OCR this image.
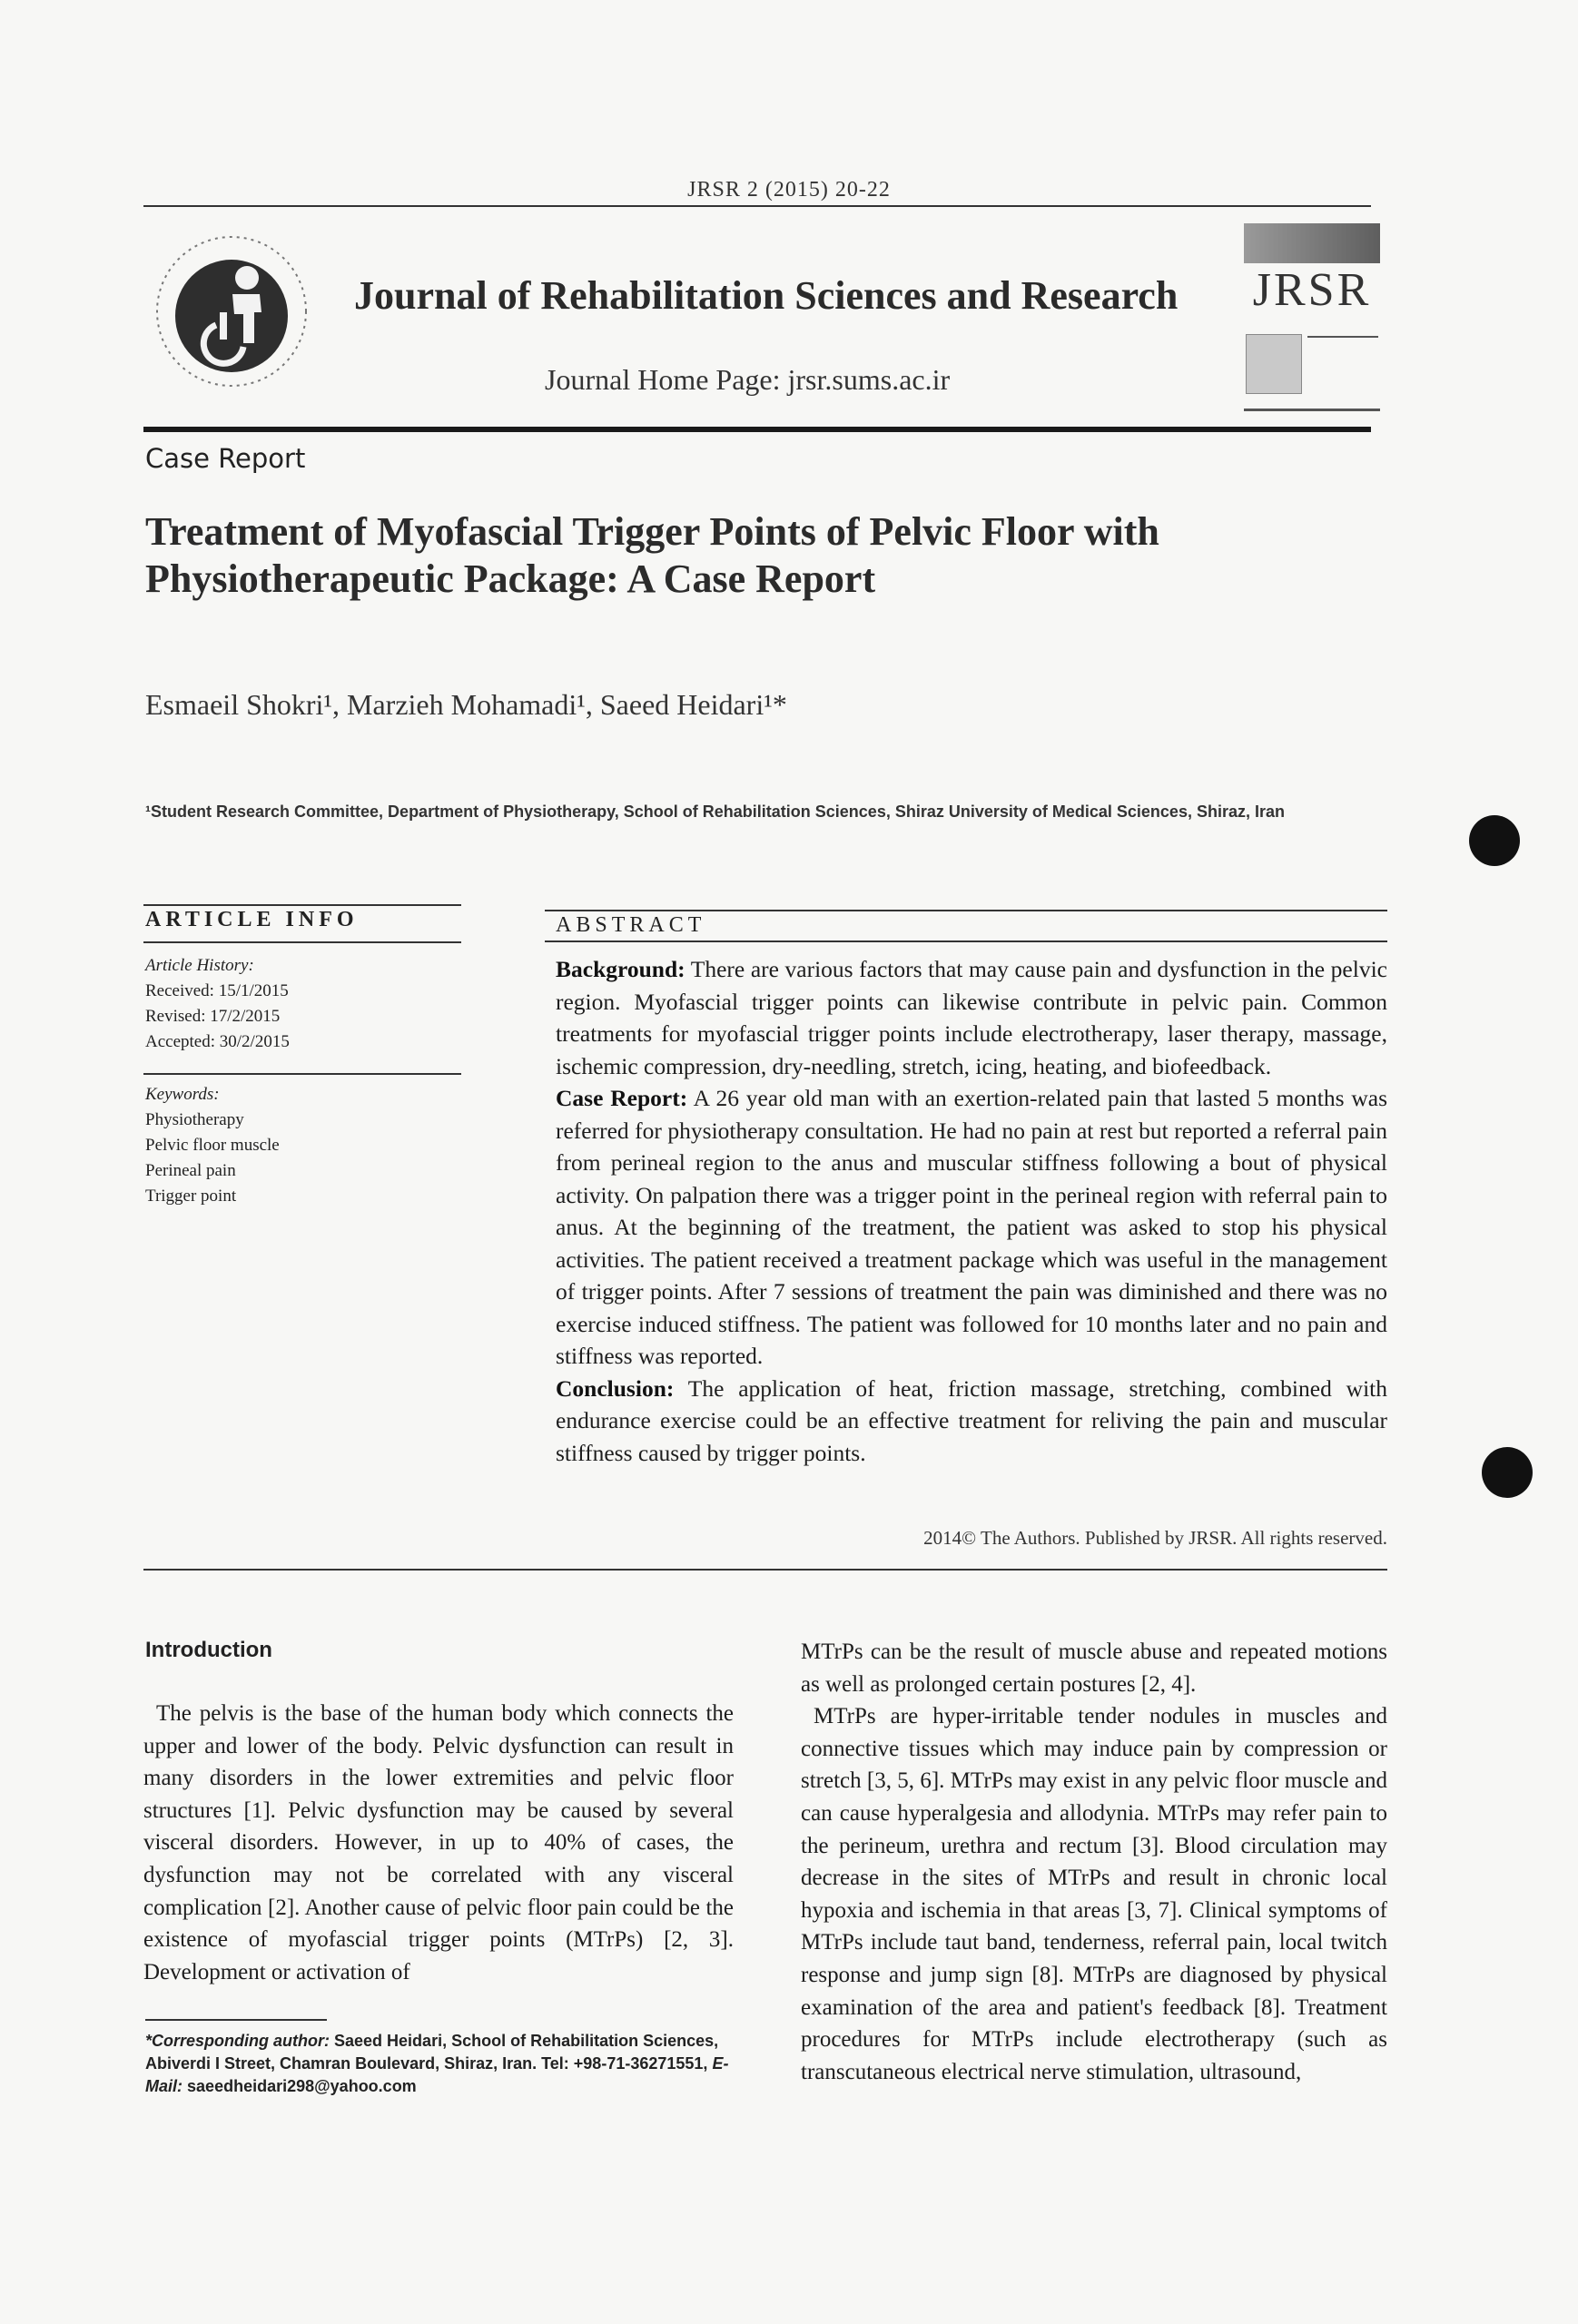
JRSR 2 (2015) 20-22
Journal of Rehabilitation Sciences and Research
Journal Home Page: jrsr.sums.ac.ir
JRSR
Case Report
Treatment of Myofascial Trigger Points of Pelvic Floor with Physiotherapeutic Package: A Case Report
Esmaeil Shokri¹, Marzieh Mohamadi¹, Saeed Heidari¹*
¹Student Research Committee, Department of Physiotherapy, School of Rehabilitation Sciences, Shiraz University of Medical Sciences, Shiraz, Iran
ARTICLE INFO
Article History:
Received: 15/1/2015
Revised: 17/2/2015
Accepted: 30/2/2015
Keywords:
Physiotherapy
Pelvic floor muscle
Perineal pain
Trigger point
ABSTRACT

Background: There are various factors that may cause pain and dysfunction in the pelvic region. Myofascial trigger points can likewise contribute in pelvic pain. Common treatments for myofascial trigger points include electrotherapy, laser therapy, massage, ischemic compression, dry-needling, stretch, icing, heating, and biofeedback.

Case Report: A 26 year old man with an exertion-related pain that lasted 5 months was referred for physiotherapy consultation. He had no pain at rest but reported a referral pain from perineal region to the anus and muscular stiffness following a bout of physical activity. On palpation there was a trigger point in the perineal region with referral pain to anus. At the beginning of the treatment, the patient was asked to stop his physical activities. The patient received a treatment package which was useful in the management of trigger points. After 7 sessions of treatment the pain was diminished and there was no exercise induced stiffness. The patient was followed for 10 months later and no pain and stiffness was reported.

Conclusion: The application of heat, friction massage, stretching, combined with endurance exercise could be an effective treatment for reliving the pain and muscular stiffness caused by trigger points.

2014© The Authors. Published by JRSR. All rights reserved.
Introduction

The pelvis is the base of the human body which connects the upper and lower of the body. Pelvic dysfunction can result in many disorders in the lower extremities and pelvic floor structures [1]. Pelvic dysfunction may be caused by several visceral disorders. However, in up to 40% of cases, the dysfunction may not be correlated with any visceral complication [2]. Another cause of pelvic floor pain could be the existence of myofascial trigger points (MTrPs) [2, 3]. Development or activation of

MTrPs can be the result of muscle abuse and repeated motions as well as prolonged certain postures [2, 4].

MTrPs are hyper-irritable tender nodules in muscles and connective tissues which may induce pain by compression or stretch [3, 5, 6]. MTrPs may exist in any pelvic floor muscle and can cause hyperalgesia and allodynia. MTrPs may refer pain to the perineum, urethra and rectum [3]. Blood circulation may decrease in the sites of MTrPs and result in chronic local hypoxia and ischemia in that areas [3, 7]. Clinical symptoms of MTrPs include taut band, tenderness, referral pain, local twitch response and jump sign [8]. MTrPs are diagnosed by physical examination of the area and patient's feedback [8]. Treatment procedures for MTrPs include electrotherapy (such as transcutaneous electrical nerve stimulation, ultrasound,

*Corresponding author: Saeed Heidari, School of Rehabilitation Sciences, Abiverdi I Street, Chamran Boulevard, Shiraz, Iran. Tel: +98-71-36271551, E-Mail: saeedheidari298@yahoo.com
